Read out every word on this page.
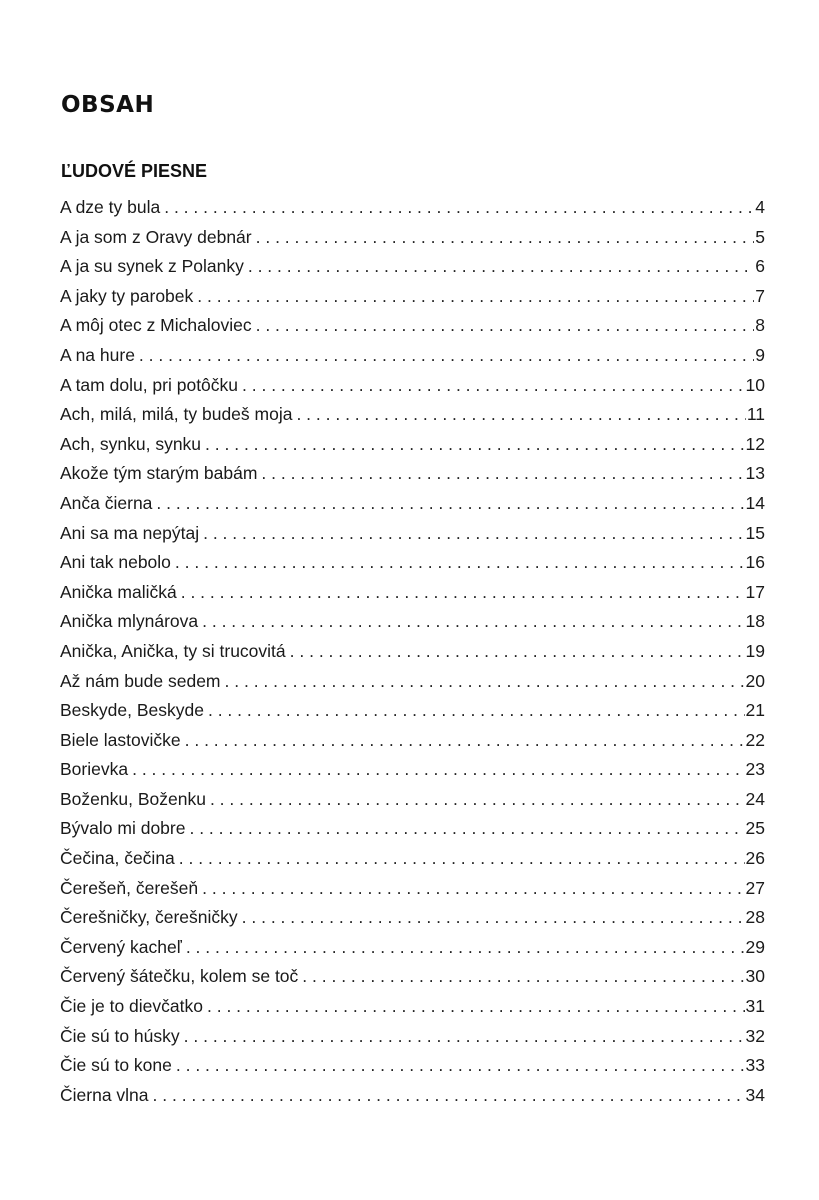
OBSAH
ĽUDOVÉ PIESNE
A dze ty bula . . .	4
A ja som z Oravy debnár . . .	5
A ja su synek z Polanky . . .	6
A jaky ty parobek . . .	7
A môj otec z Michaloviec . . .	8
A na hure . . .	9
A tam dolu, pri potôčku . . .	10
Ach, milá, milá, ty budeš moja . . .	11
Ach, synku, synku . . .	12
Akože tým starým babám . . .	13
Anča čierna . . .	14
Ani sa ma nepýtaj . . .	15
Ani tak nebolo . . .	16
Anička maličká . . .	17
Anička mlynárova . . .	18
Anička, Anička, ty si trucovitá . . .	19
Až nám bude sedem . . .	20
Beskyde, Beskyde . . .	21
Biele lastovičke . . .	22
Borievka . . .	23
Boženku, Boženku . . .	24
Bývalo mi dobre . . .	25
Čečina, čečina . . .	26
Čerešeň, čerešeň . . .	27
Čerešničky, čerešničky . . .	28
Červený kacheľ . . .	29
Červený šátečku, kolem se toč . . .	30
Čie je to dievčatko . . .	31
Čie sú to húsky . . .	32
Čie sú to kone . . .	33
Čierna vlna . . .	34
